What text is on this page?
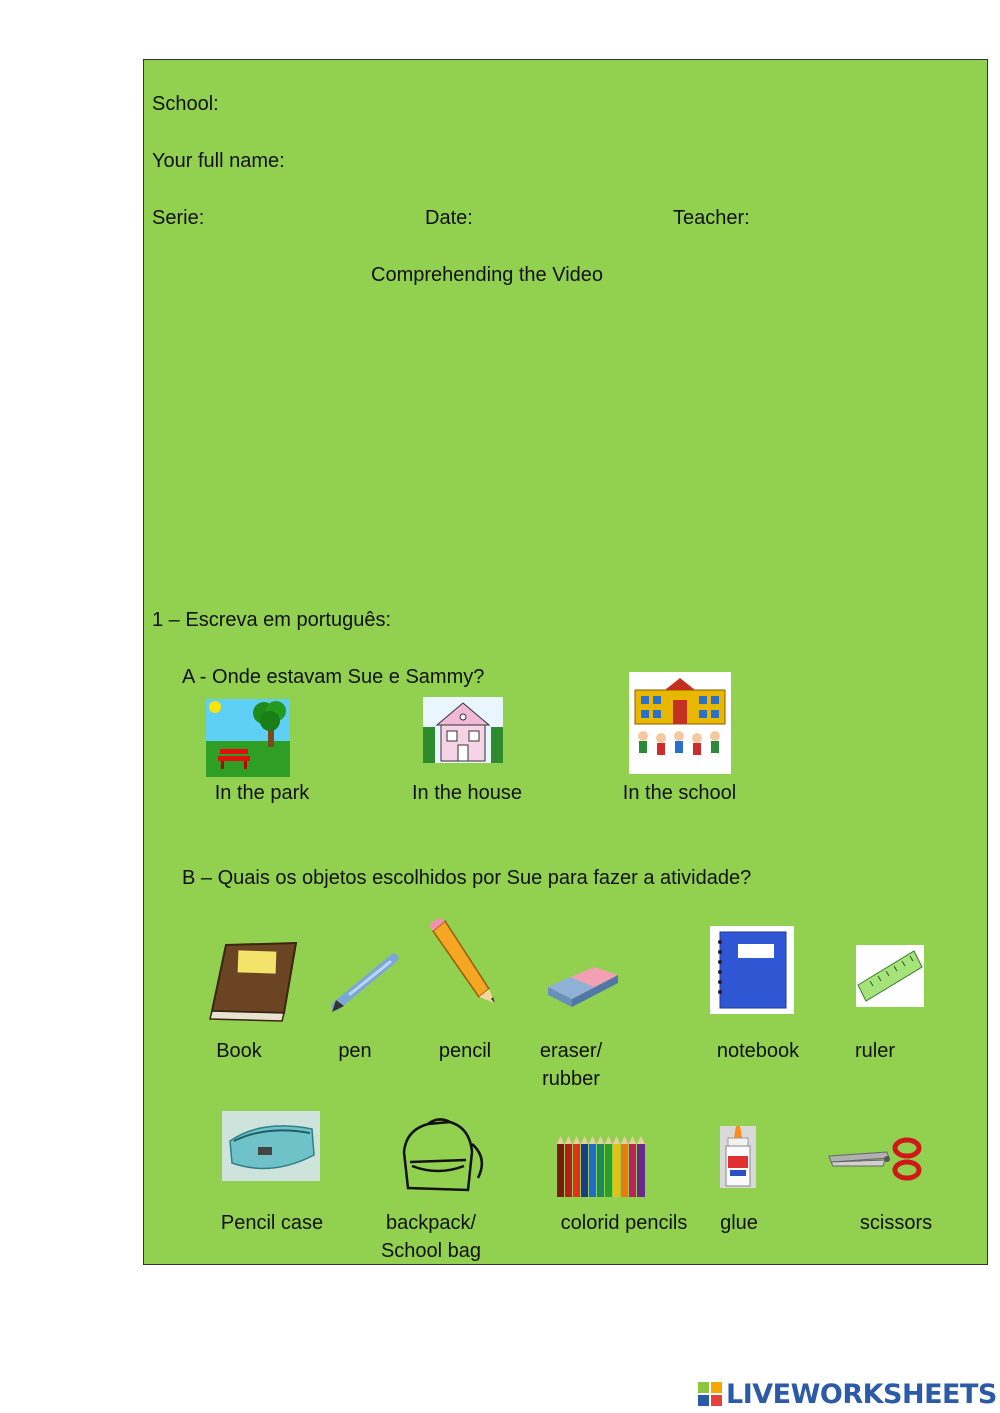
School:
Your full name:
Serie:	Date:	Teacher:
Comprehending the Video
1 – Escreva em português:
A - Onde estavam Sue e Sammy?
In the park	In the house	In the school
B – Quais os objetos escolhidos por Sue para fazer a atividade?
Book	pen	pencil	eraser/
rubber
notebook	ruler
Pencil case	backpack/
School bag
colorid pencils	glue	scissors
LIVEWORKSHEETS
